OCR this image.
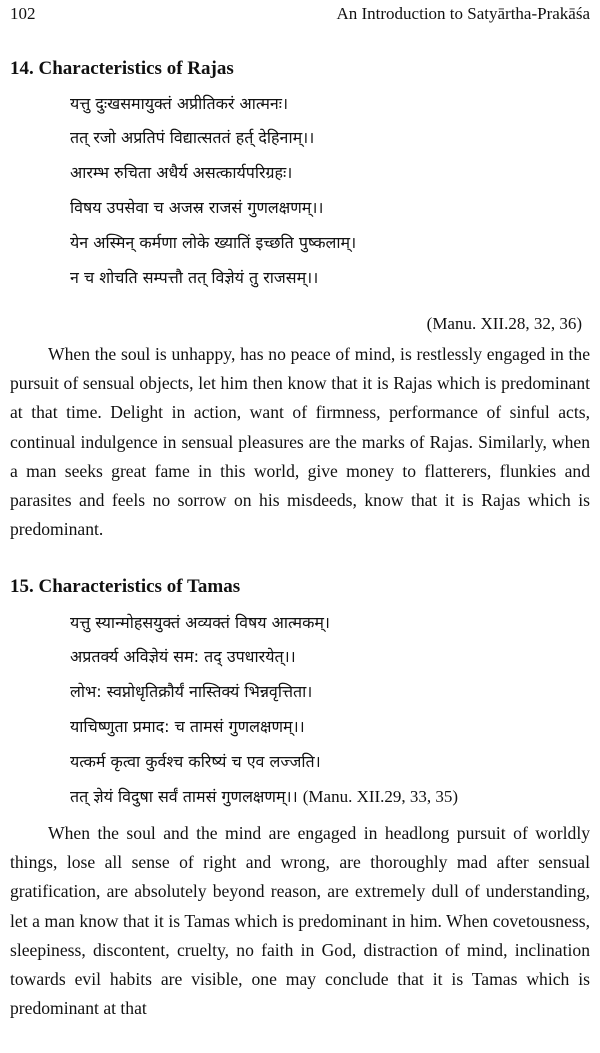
102	An Introduction to Satyārtha-Prakāśa
14. Characteristics of Rajas
यत्तु दुःखसमायुक्तं अप्रीतिकरं आत्मनः।
तत् रजो अप्रतिपं विद्यात्सततं हर्त् देहिनाम्।।
आरम्भ रुचिता अधैर्य असत्कार्यपरिग्रहः।
विषय उपसेवा च अजस्र राजसं गुणलक्षणम्।।
येन अस्मिन् कर्मणा लोके ख्यातिं इच्छति पुष्कलाम्।
न च शोचति सम्पत्तौ तत् विज्ञेयं तु राजसम्।।
(Manu. XII.28, 32, 36)
When the soul is unhappy, has no peace of mind, is restlessly engaged in the pursuit of sensual objects, let him then know that it is Rajas which is predominant at that time. Delight in action, want of firmness, performance of sinful acts, continual indulgence in sensual pleasures are the marks of Rajas. Similarly, when a man seeks great fame in this world, give money to flatterers, flunkies and parasites and feels no sorrow on his misdeeds, know that it is Rajas which is predominant.
15. Characteristics of Tamas
यत्तु स्यान्मोहसयुक्तं अव्यक्तं विषय आत्मकम्।
अप्रतर्क्य अविज्ञेयं सम: तद् उपधारयेत्।।
लोभ: स्वप्नोधृतिक्रौर्यं नास्तिक्यं भिन्नवृत्तिता।
याचिष्णुता प्रमाद: च तामसं गुणलक्षणम्।।
यत्कर्म कृत्वा कुर्वश्च करिष्यं च एव लज्जति।
तत् ज्ञेयं विदुषा सर्वं तामसं गुणलक्षणम्।। (Manu. XII.29, 33, 35)
When the soul and the mind are engaged in headlong pursuit of worldly things, lose all sense of right and wrong, are thoroughly mad after sensual gratification, are absolutely beyond reason, are extremely dull of understanding, let a man know that it is Tamas which is predominant in him. When covetousness, sleepiness, discontent, cruelty, no faith in God, distraction of mind, inclination towards evil habits are visible, one may conclude that it is Tamas which is predominant at that
